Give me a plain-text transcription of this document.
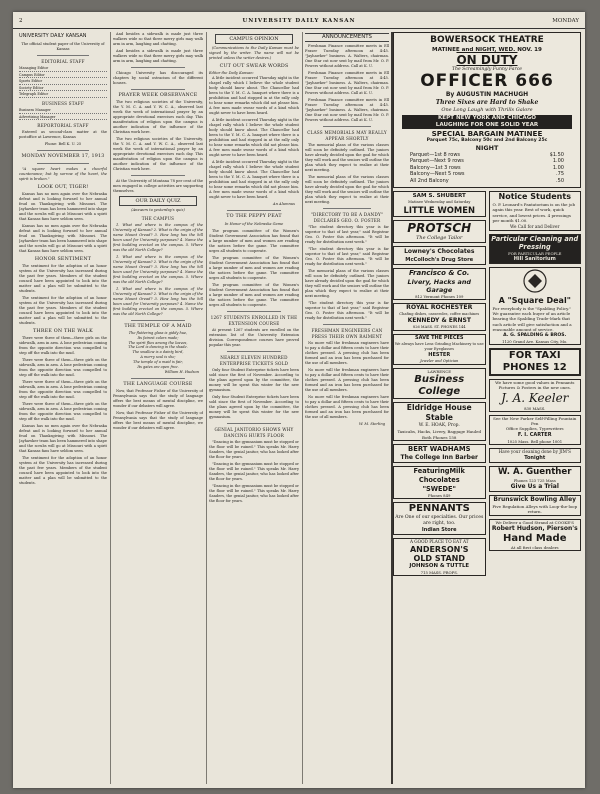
2	UNIVERSITY DAILY KANSAN	MONDAY
UNIVERSITY DAILY KANSAN
The official student paper of the University of Kansas
EDITORIAL STAFF
Managing Editor
Campus Editor
Sports Editor
Society Editor
Telegraph Editor
BUSINESS STAFF
Business Manager
Advertising Manager
REPORTORIAL STAFF

Entered as second-class matter at the postoffice at Lawrence, Kansas

Phone: Bell K. U. 25
MONDAY NOVEMBER 17, 1913

"A square heart makes a cheerful countenance; but by sorrow of the heart, the spirit is broken."

LOOK OUT, TIGER!

Kansas has no men again over the Nebraska defeat and is looking forward to her annual feud on Thanksgiving with Missouri. The Jayhawker team has been hammered into shape and the scrubs will go at Missouri with a spirit that Kansas fans have seldom seen.

Kansas has no men again over the Nebraska defeat and is looking forward to her annual feud on Thanksgiving with Missouri. The Jayhawker team has been hammered into shape and the scrubs will go at Missouri with a spirit that Kansas fans have seldom seen.

HONOR SENTIMENT

The sentiment for the adoption of an honor system at the University has increased during the past few years. Members of the student council have been appointed to look into the matter and a plan will be submitted to the students.

The sentiment for the adoption of an honor system at the University has increased during the past few years. Members of the student council have been appointed to look into the matter and a plan will be submitted to the students.

THREE ON THE WALK

There were three of them—three girls on the sidewalk, arm in arm. A lone pedestrian coming from the opposite direction was compelled to step off the walk into the mud.

There were three of them—three girls on the sidewalk, arm in arm. A lone pedestrian coming from the opposite direction was compelled to step off the walk into the mud.

There were three of them—three girls on the sidewalk, arm in arm. A lone pedestrian coming from the opposite direction was compelled to step off the walk into the mud.

There were three of them—three girls on the sidewalk, arm in arm. A lone pedestrian coming from the opposite direction was compelled to step off the walk into the mud.

Kansas has no men again over the Nebraska defeat and is looking forward to her annual feud on Thanksgiving with Missouri. The Jayhawker team has been hammered into shape and the scrubs will go at Missouri with a spirit that Kansas fans have seldom seen.

The sentiment for the adoption of an honor system at the University has increased during the past few years. Members of the student council have been appointed to look into the matter and a plan will be submitted to the students.

And besides a sidewalk is made just three walkers wide so that three merry girls may walk arm in arm, laughing and chatting.

And besides a sidewalk is made just three walkers wide so that three merry girls may walk arm in arm, laughing and chatting.

Chicago University has discouraged its chapters by social ostracism of the different houses.

PRAYER WEEK OBSERVANCE

The two religious societies of the University, the Y. M. C. A. and Y. W. C. A., observed last week the week of international prayer by an appropriate devotional exercises each day. This manifestation of religion upon the campus is another indication of the influence of the Christian work here.

The two religious societies of the University, the Y. M. C. A. and Y. W. C. A., observed last week the week of international prayer by an appropriate devotional exercises each day. This manifestation of religion upon the campus is another indication of the influence of the Christian work here.

At the University of Montana 78 per cent of the men engaged in college activities are supporting themselves.

OUR DAILY QUIZ
(Answers to yesterday's quiz)
THE CAMPUS

1. What and where is the campus of the University of Kansas? 2. What is the origin of the name Mount Oread? 3. How long has the hill been used for University purposes? 4. Name the first building erected on the campus. 5. Where was the old North College?

1. What and where is the campus of the University of Kansas? 2. What is the origin of the name Mount Oread? 3. How long has the hill been used for University purposes? 4. Name the first building erected on the campus. 5. Where was the old North College?

1. What and where is the campus of the University of Kansas? 2. What is the origin of the name Mount Oread? 3. How long has the hill been used for University purposes? 4. Name the first building erected on the campus. 5. Where was the old North College?

THE TEMPLE OF A MAID
The fluttering glass is giddy hue,
Its fairest colors made;
The spirit flies among the leaves,
The Lord is dancing in the shade.
The swallow is a dainty bird,
A merry soul is she;
The temple of a maid is fair,
Its gates are open free.
William H. Hudson
THE LANGUAGE COURSE

Now, that Professor Fisher of the University of Pennsylvania says that the study of language offers the best means of mental discipline, we wonder if our debaters will agree.

Now, that Professor Fisher of the University of Pennsylvania says that the study of language offers the best means of mental discipline, we wonder if our debaters will agree.

CAMPUS OPINION

(Communications to the Daily Kansan must be signed by the writer. The name will not be printed unless the writer desires.)

CUT OUT SWEAR WORDS
Editor the Daily Kansan:

A little incident occurred Thursday night in the chapel rally which I believe the whole student body should know about. The Chancellor had been to the Y. M. C. A. banquet where there is a prohibition and had stopped in at the rally only to hear some remarks which did not please him. A few men made swear words of a kind which ought never to have been heard.

A little incident occurred Thursday night in the chapel rally which I believe the whole student body should know about. The Chancellor had been to the Y. M. C. A. banquet where there is a prohibition and had stopped in at the rally only to hear some remarks which did not please him. A few men made swear words of a kind which ought never to have been heard.

A little incident occurred Thursday night in the chapel rally which I believe the whole student body should know about. The Chancellor had been to the Y. M. C. A. banquet where there is a prohibition and had stopped in at the rally only to hear some remarks which did not please him. A few men made swear words of a kind which ought never to have been heard.

An Alumnus
TO THE PEPPY PEAT
In Honor of the Nebraska Game

The program committee of the Women's Student Government Association has found that a large number of men and women are reading the notices before the game. The committee urges all students to cooperate.

The program committee of the Women's Student Government Association has found that a large number of men and women are reading the notices before the game. The committee urges all students to cooperate.

The program committee of the Women's Student Government Association has found that a large number of men and women are reading the notices before the game. The committee urges all students to cooperate.

1267 STUDENTS ENROLLED IN THE EXTENSION COURSE

At present 1267 students are enrolled on the extension list of the University Extension division. Correspondence courses have proved popular this year.

NEARLY ELEVEN HUNDRED ENTERPRISE TICKETS SOLD

Only four Student Enterprise tickets have been sold since the first of November. According to the plans agreed upon by the committee, the money will be spent this winter for the new gymnasium.

Only four Student Enterprise tickets have been sold since the first of November. According to the plans agreed upon by the committee, the money will be spent this winter for the new gymnasium.

GENIAL JANITORIO SHOWS WHY DANCING HURTS FLOOR

"Dancing in the gymnasium must be stopped or the floor will be ruined." This speaks Mr. Harry Sanders, the genial janitor, who has looked after the floor for years.

"Dancing in the gymnasium must be stopped or the floor will be ruined." This speaks Mr. Harry Sanders, the genial janitor, who has looked after the floor for years.

"Dancing in the gymnasium must be stopped or the floor will be ruined." This speaks Mr. Harry Sanders, the genial janitor, who has looked after the floor for years.

ANNOUNCEMENTS

Freshman Finance committee meets in Ell Fraser Tuesday afternoon at 4:45. "Jayhawker" business. A. Walters, chairman. One Star cut now sent by mail from Mr. O. P. Powers without address. Call at K. U.

Freshman Finance committee meets in Ell Fraser Tuesday afternoon at 4:45. "Jayhawker" business. A. Walters, chairman. One Star cut now sent by mail from Mr. O. P. Powers without address. Call at K. U.

Freshman Finance committee meets in Ell Fraser Tuesday afternoon at 4:45. "Jayhawker" business. A. Walters, chairman. One Star cut now sent by mail from Mr. O. P. Powers without address. Call at K. U.

CLASS MEMORIALS MAY REALLY APPEAR SHORTLY

The memorial plans of the various classes will soon be definitely outlined. The juniors have already decided upon the goal for which they will work and the seniors will outline the plan which they expect to realize at their next meeting.

The memorial plans of the various classes will soon be definitely outlined. The juniors have already decided upon the goal for which they will work and the seniors will outline the plan which they expect to realize at their next meeting.

"DIRECTORY TO BE A DANDY" DECLARES GEO. O. FOSTER

"The student directory this year is far superior to that of last year," said Registrar Geo. O. Foster this afternoon. "It will be ready for distribution next week."

"The student directory this year is far superior to that of last year," said Registrar Geo. O. Foster this afternoon. "It will be ready for distribution next week."

The memorial plans of the various classes will soon be definitely outlined. The juniors have already decided upon the goal for which they will work and the seniors will outline the plan which they expect to realize at their next meeting.

"The student directory this year is far superior to that of last year," said Registrar Geo. O. Foster this afternoon. "It will be ready for distribution next week."

FRESHMAN ENGINEERS CAN PRESS THEIR OWN RAIMENT

No more will the freshman engineers have to pay a dollar and fifteen cents to have their clothes pressed. A pressing club has been formed and an iron has been purchased for the use of all members.

No more will the freshman engineers have to pay a dollar and fifteen cents to have their clothes pressed. A pressing club has been formed and an iron has been purchased for the use of all members.

No more will the freshman engineers have to pay a dollar and fifteen cents to have their clothes pressed. A pressing club has been formed and an iron has been purchased for the use of all members.

W. M. Sterling
BOWERSOCK THEATRE
MATINEE and NIGHT, WED. NOV. 19
ON DUTY
The Screamingly Funny Farce
OFFICER 666
By AUGUSTIN MACHUGH
Three Sixes are Hard to Shake
One Long Laugh with Thrills Galore
KEPT NEW YORK AND CHICAGO
LAUGHING FOR ONE SOLID YEAR
SPECIAL BARGAIN MATINEE
Parquet 75c, Balcony 50c and 2nd Balcony 25c
NIGHT
Parquet—1st 8 rows	$1.50
Parquet—Next 9 rows	1.00
Balcony—1st 3 rows	1.00
Balcony—Next 5 rows	.75
All 2nd Balcony	.50
SAM S. SHUBERT
Matinee Wednesday and Saturday
LITTLE WOMEN
PROTSCH
The College Tailor
Lowney's Chocolates
McColloch's Drug Store
Francisco & Co.
Livery, Hacks and Garage
812 Vermont Phones 109
ROYAL ROCHESTER
Chafing dishes, casseroles, coffee machines
KENNEDY & ERNST
826 MASS. ST. PHONES 144
SAVE THE PIECES
We always have Lens Grinding Machinery to use your Eyeglasses
HESTER
Jeweler and Optician
LAWRENCE
Business College
Eldridge House Stable
W. E. HOAK, Prop.
Taxicabs, Hacks, Livery, Baggage Hauled
Both Phones 158
BERT WADHAMS
The College Inn Barber
FeaturingMilk Chocolates
"SWEDE"
Phones 849
PENNANTS
Are One of our specialties. Our prices are right, too.
Indian Store
A GOOD PLACE TO EAT AT
ANDERSON'S
OLD STAND
JOHNSON & TUTTLE
715 MASS. PROPS.
Notice Students
O. P. Leonard's Pantatorium is on the job again this year. Best of work, quick service, and lowest prices. 4 pressings per month $1.00.
We Call for and Deliver
Particular Cleaning and Pressing
FOR PARTICULAR PEOPLE
Hill Sanitorium
A "Square Deal"
For everybody is the "Spalding Policy." We guarantee each buyer of an article bearing the Spalding Trade-Mark that such article will give satisfaction and a reasonable amount of service.
A. G. SPALDING & BROS.
1120 Grand Ave. Kansas City, Mo.
FOR TAXI
PHONES 12
We have some good values in Pennants Pictures & Posters in the new ones.
J. A. Keeler
830 MASS.
See the New Parker Self-Filling Fountain Pen
Office Supplies, Typewriters
F. I. CARTER
1025 Mass. Bell phone 1001
Have your cleaning done by JIM'S
Tonight
W. A. Guenther
Phones 123 725 Mass
Give Us a Trial
Brunswick Bowling Alley
Five Regulation Alleys with Loop-the-loop return.
We Deliver a Good Strand at COOKE'S
Robert Hudson, Pierson's
Hand Made
At all first class dealers
